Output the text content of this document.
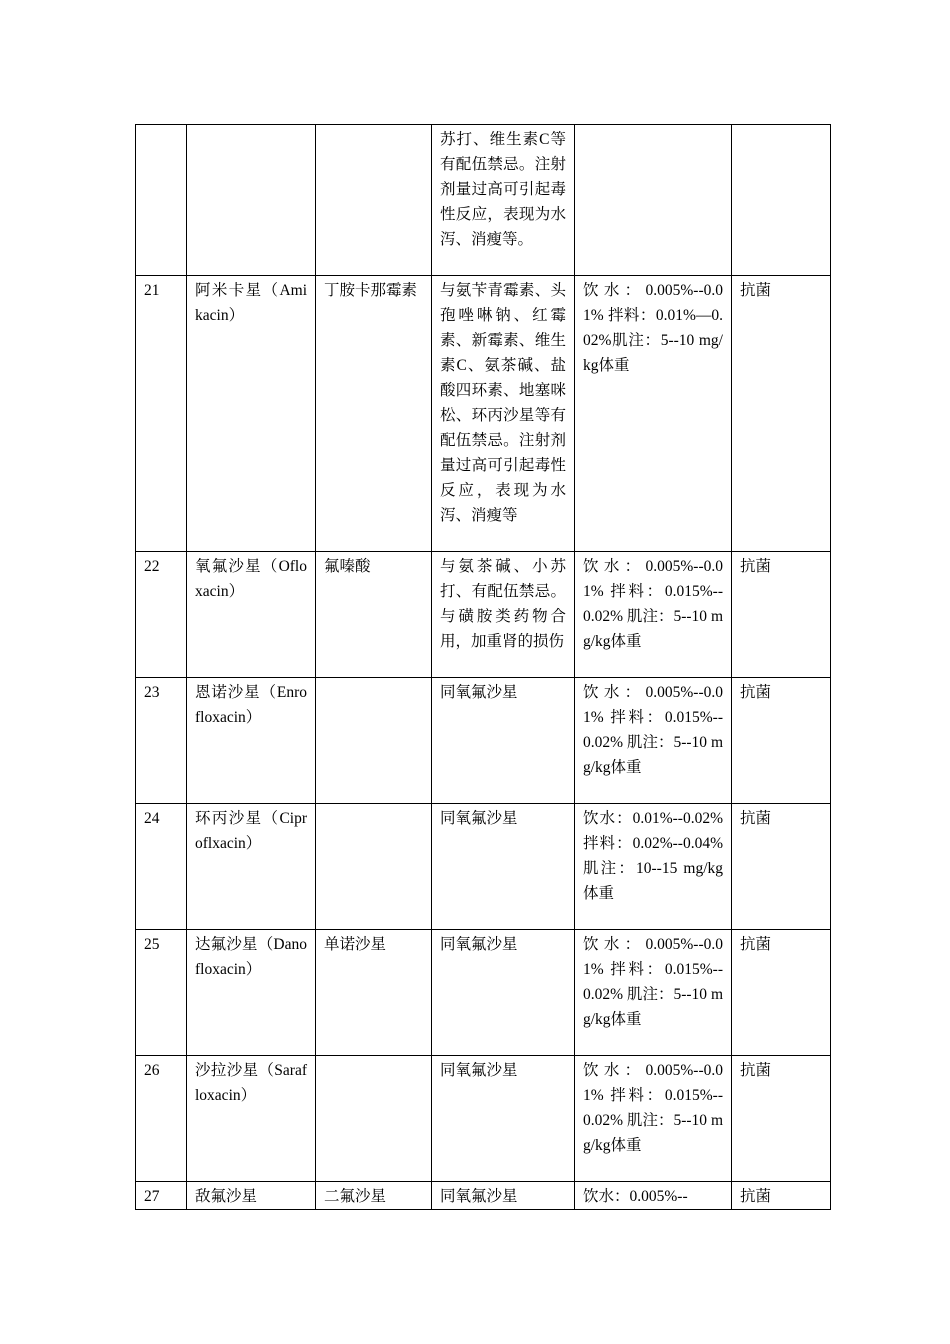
			苏打、维生素C等有配伍禁忌。注射剂量过高可引起毒性反应，表现为水泻、消瘦等。		
21	阿米卡星（Amikacin）	丁胺卡那霉素	与氨苄青霉素、头孢唑啉钠、红霉素、新霉素、维生素C、氨茶碱、盐酸四环素、地塞咪松、环丙沙星等有配伍禁忌。注射剂量过高可引起毒性反应，表现为水泻、消瘦等	饮水：0.005%--0.01% 拌料：0.01%—0.02%肌注：5--10 mg/kg体重	抗菌
22	氧氟沙星（Ofloxacin）	氟嗪酸	与氨茶碱、小苏打、有配伍禁忌。与磺胺类药物合用，加重肾的损伤	饮水：0.005%--0.01% 拌料：0.015%--0.02% 肌注：5--10 mg/kg体重	抗菌
23	恩诺沙星（Enrofloxacin）		同氧氟沙星	饮水：0.005%--0.01% 拌料：0.015%--0.02% 肌注：5--10 mg/kg体重	抗菌
24	环丙沙星（Ciproflxacin）		同氧氟沙星	饮水：0.01%--0.02% 拌料：0.02%--0.04% 肌注：10--15 mg/kg体重	抗菌
25	达氟沙星（Danofloxacin）	单诺沙星	同氧氟沙星	饮水：0.005%--0.01% 拌料：0.015%--0.02% 肌注：5--10 mg/kg体重	抗菌
26	沙拉沙星（Sarafloxacin）		同氧氟沙星	饮水：0.005%--0.01% 拌料：0.015%--0.02% 肌注：5--10 mg/kg体重	抗菌
27	敌氟沙星	二氟沙星	同氧氟沙星	饮水：0.005%--	抗菌
